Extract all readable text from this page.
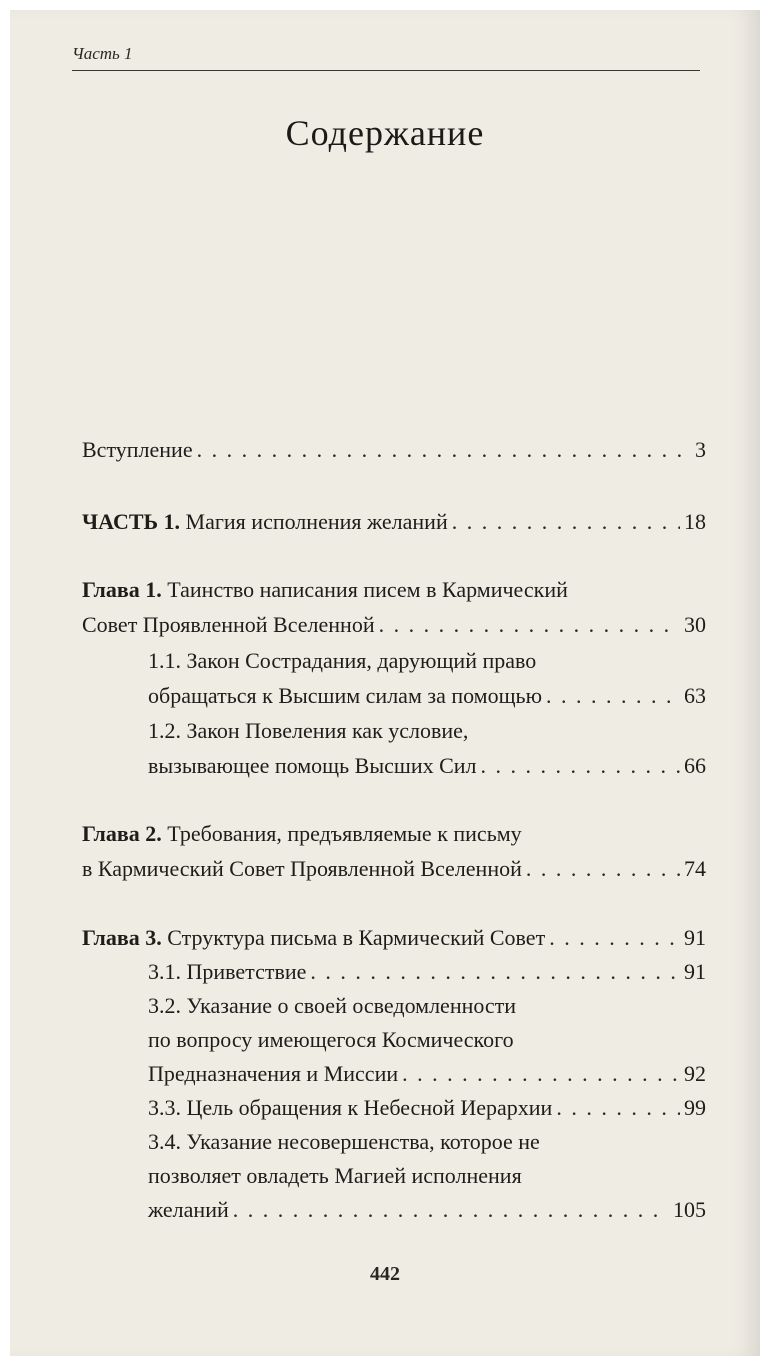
Часть 1
Содержание
Вступление . . .	3
ЧАСТЬ 1. Магия исполнения желаний . . .	18
Глава 1. Таинство написания писем в Кармический
Совет Проявленной Вселенной . . .	30
1.1. Закон Сострадания, дарующий право
обращаться к Высшим силам за помощью . . .	63
1.2. Закон Повеления как условие,
вызывающее помощь Высших Сил . . .	66
Глава 2. Требования, предъявляемые к письму
в Кармический Совет Проявленной Вселенной . . .	74
Глава 3. Структура письма в Кармический Совет . . .	91
3.1. Приветствие . . .	91
3.2. Указание о своей осведомленности
по вопросу имеющегося Космического
Предназначения и Миссии . . .	92
3.3. Цель обращения к Небесной Иерархии . . .	99
3.4. Указание несовершенства, которое не
позволяет овладеть Магией исполнения
желаний . . .	105
442
